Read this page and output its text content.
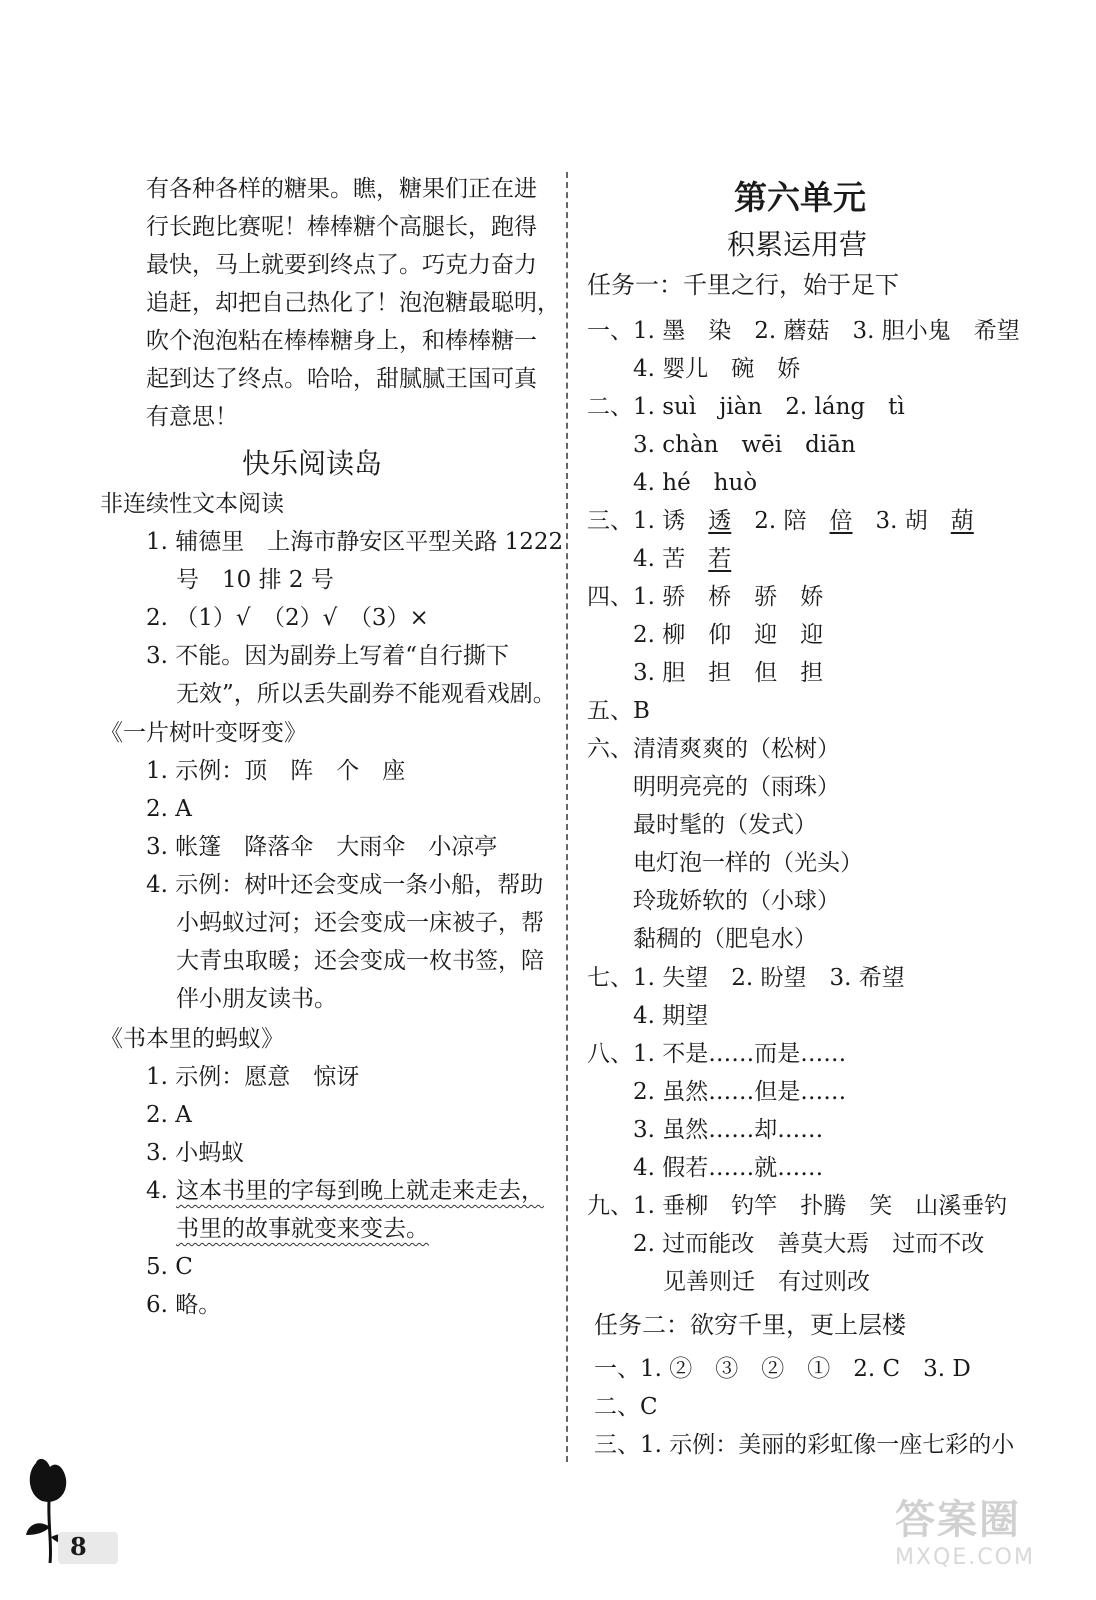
有各种各样的糖果。瞧，糖果们正在进
行长跑比赛呢！棒棒糖个高腿长，跑得
最快，马上就要到终点了。巧克力奋力
追赶，却把自己热化了！泡泡糖最聪明，
吹个泡泡粘在棒棒糖身上，和棒棒糖一
起到达了终点。哈哈，甜腻腻王国可真
有意思！
快乐阅读岛
非连续性文本阅读
1. 辅德里　上海市静安区平型关路 1222
号　10 排 2 号
2. （1）√　（2）√　（3）×
3. 不能。因为副券上写着“自行撕下
无效”，所以丢失副券不能观看戏剧。
《一片树叶变呀变》
1. 示例：顶　阵　个　座
2. A
3. 帐篷　降落伞　大雨伞　小凉亭
4. 示例：树叶还会变成一条小船，帮助
小蚂蚁过河；还会变成一床被子，帮
大青虫取暖；还会变成一枚书签，陪
伴小朋友读书。
《书本里的蚂蚁》
1. 示例：愿意　惊讶
2. A
3. 小蚂蚁
4. 这本书里的字每到晚上就走来走去，
书里的故事就变来变去。
5. C
6. 略。
第六单元
积累运用营
任务一：千里之行，始于足下
一、1. 墨　染　2. 蘑菇　3. 胆小鬼　希望
4. 婴儿　碗　娇
二、1. suì　jiàn　2. láng　tì
3. chàn　wēi　diān
4. hé　huò
三、1. 诱　透　2. 陪　倍　3. 胡　葫
4. 苦　若
四、1. 骄　桥　骄　娇
2. 柳　仰　迎　迎
3. 胆　担　但　担
五、B
六、清清爽爽的（松树）
明明亮亮的（雨珠）
最时髦的（发式）
电灯泡一样的（光头）
玲珑娇软的（小球）
黏稠的（肥皂水）
七、1. 失望　2. 盼望　3. 希望
4. 期望
八、1. 不是……而是……
2. 虽然……但是……
3. 虽然……却……
4. 假若……就……
九、1. 垂柳　钓竿　扑腾　笑　山溪垂钓
2. 过而能改　善莫大焉　过而不改
见善则迁　有过则改
任务二：欲穷千里，更上层楼
一、1. ②　③　②　①　2. C　3. D
二、C
三、1. 示例：美丽的彩虹像一座七彩的小
8
答案圈
MXQE.COM
